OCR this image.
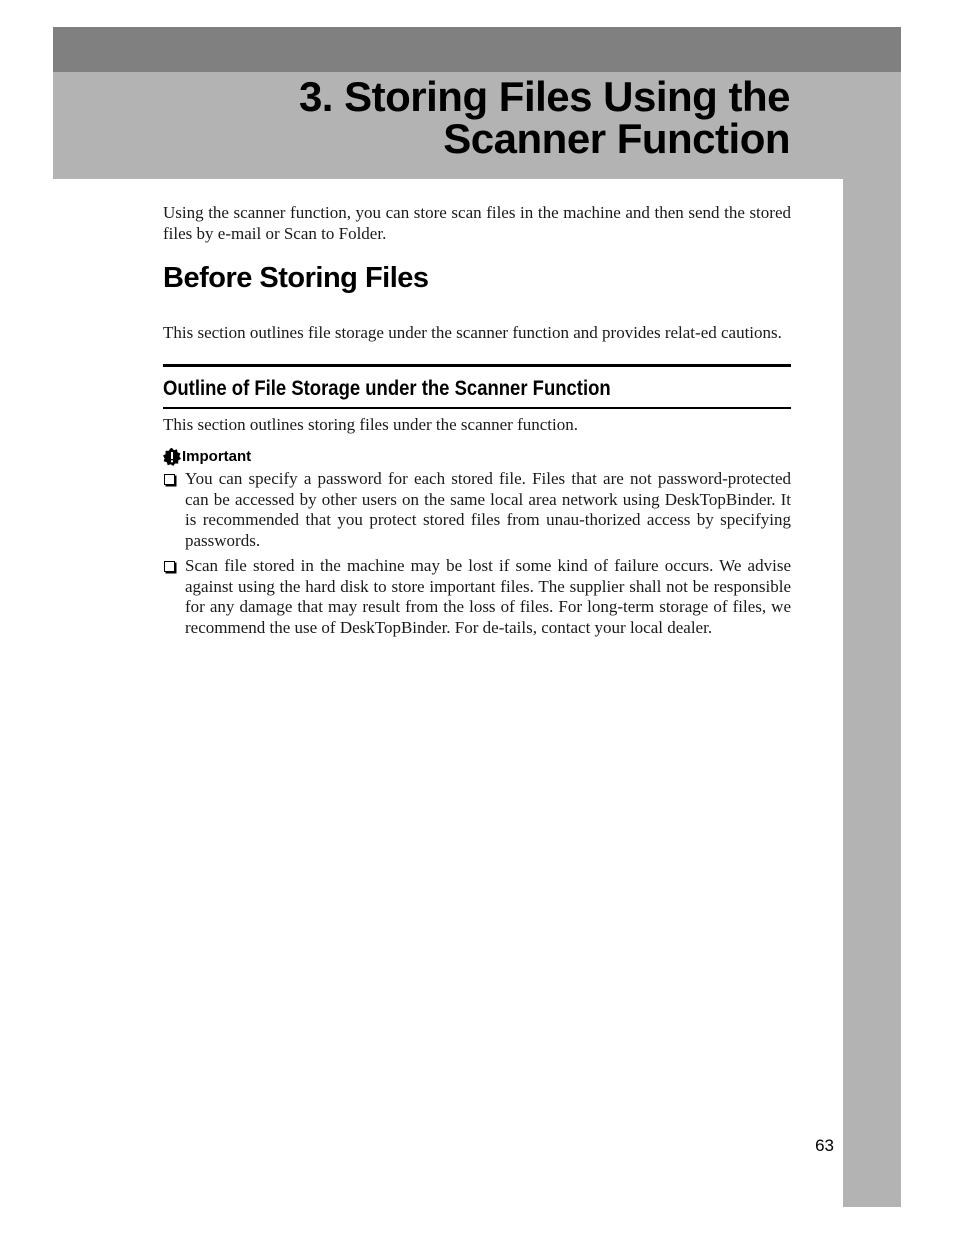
3. Storing Files Using the
Scanner Function

Using the scanner function, you can store scan files in the machine and then send the stored files by e-mail or Scan to Folder.

Before Storing Files

This section outlines file storage under the scanner function and provides relat-ed cautions.

Outline of File Storage under the Scanner Function

This section outlines storing files under the scanner function.

Important
You can specify a password for each stored file. Files that are not password-protected can be accessed by other users on the same local area network using DeskTopBinder. It is recommended that you protect stored files from unau-thorized access by specifying passwords.
Scan file stored in the machine may be lost if some kind of failure occurs. We advise against using the hard disk to store important files. The supplier shall not be responsible for any damage that may result from the loss of files. For long-term storage of files, we recommend the use of DeskTopBinder. For de-tails, contact your local dealer.
63
